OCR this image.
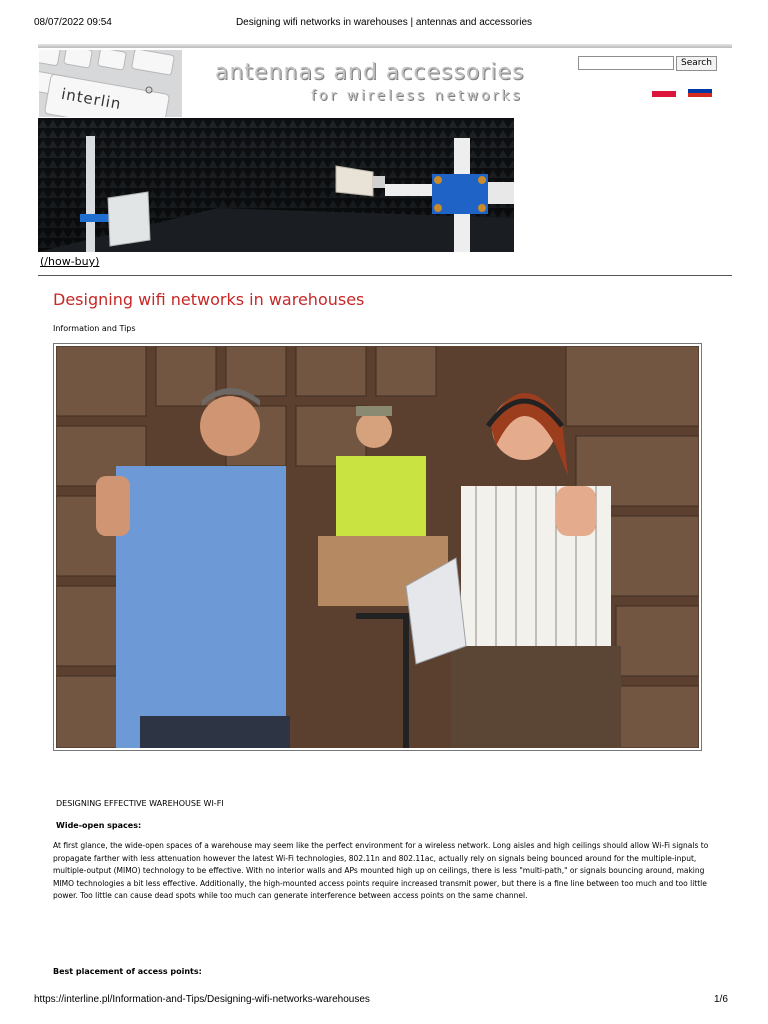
08/07/2022 09:54	Designing wifi networks in warehouses | antennas and accessories
interlin
antennas and accessories
for wireless networks
Search
(/how-buy)
Designing wifi networks in warehouses
Information and Tips
DESIGNING EFFECTIVE WAREHOUSE WI-FI
Wide-open spaces:
At first glance, the wide-open spaces of a warehouse may seem like the perfect environment for a wireless network. Long aisles and high ceilings should allow Wi-Fi signals to propagate farther with less attenuation however the latest Wi-Fi technologies, 802.11n and 802.11ac, actually rely on signals being bounced around for the multiple-input, multiple-output (MIMO) technology to be effective. With no interior walls and APs mounted high up on ceilings, there is less "multi-path," or signals bouncing around, making MIMO technologies a bit less effective. Additionally, the high-mounted access points require increased transmit power, but there is a fine line between too much and too little power. Too little can cause dead spots while too much can generate interference between access points on the same channel.
Best placement of access points:
https://interline.pl/Information-and-Tips/Designing-wifi-networks-warehouses	1/6
